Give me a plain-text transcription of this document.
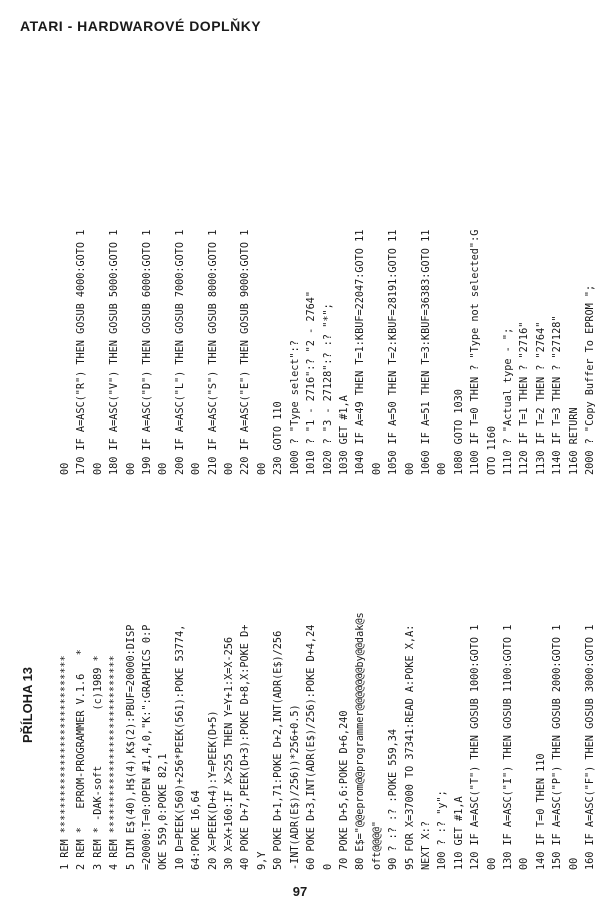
ATARI - HARDWAROVÉ DOPLŇKY
PŘÍLOHA 13 1 REM ***************************** 2 REM *   EPROM-PROGRAMMER V.1.6   * 3 REM * -DAK-soft         (c)1989 * 4 REM ***************************** 5 DIM E$(40),H$(4),K$(2):PBUF=20000:DISP =20000:T=0:OPEN #1,4,0,"K:":GRAPHICS 0:P OKE 559,0:POKE 82,1 10 D=PEEK(560)+256*PEEK(561):POKE 53774, 64:POKE 16,64 20 X=PEEK(D+4):Y=PEEK(D+5) 30 X=X+160:IF X>255 THEN Y=Y+1:X=X-256 40 POKE D+7,PEEK(D+3):POKE D+8,X:POKE D+ 9,Y 50 POKE D+1,71:POKE D+2,INT(ADR(E$)/256 -INT(ADR(E$)/256))*256+0.5) 60 POKE D+3,INT(ADR(E$)/256):POKE D+4,24 0 70 POKE D+5,6:POKE D+6,240 80 E$="@@eprom@@programmer@@@@@@@by@@dak@s oft@@@@" 90 ? :? :? :POKE 559,34 95 FOR X=37000 TO 37341:READ A:POKE X,A: NEXT X:? 100 ? :? "y"; 110 GET #1,A 120 IF A=ASC("T") THEN GOSUB 1000:GOTO 1 00 130 IF A=ASC("I") THEN GOSUB 1100:GOTO 1 00 140 IF T=0 THEN 110 150 IF A=ASC("P") THEN GOSUB 2000:GOTO 1 00 160 IF A=ASC("F") THEN GOSUB 3000:GOTO 1
00 170 IF A=ASC("R") THEN GOSUB 4000:GOTO 1 00 180 IF A=ASC("V") THEN GOSUB 5000:GOTO 1 00 190 IF A=ASC("D") THEN GOSUB 6000:GOTO 1 00 200 IF A=ASC("L") THEN GOSUB 7000:GOTO 1 00 210 IF A=ASC("S") THEN GOSUB 8000:GOTO 1 00 220 IF A=ASC("E") THEN GOSUB 9000:GOTO 1 00 230 GOTO 110 1000 ? "Type select":? 1010 ? "1 - 2716":? "2 - 2764" 1020 ? "3 - 27128":? :? "*"; 1030 GET #1,A 1040 IF A=49 THEN T=1:KBUF=22047:GOTO 11 00 1050 IF A=50 THEN T=2:KBUF=28191:GOTO 11 00 1060 IF A=51 THEN T=3:KBUF=36383:GOTO 11 00 1080 GOTO 1030 1100 IF T=0 THEN ? "Type not selected":G OTO 1160 1110 ? "Actual type - "; 1120 IF T=1 THEN ? "2716" 1130 IF T=2 THEN ? "2764" 1140 IF T=3 THEN ? "27128" 1160 RETURN 2000 ? "Copy Buffer To EPROM ";
97
